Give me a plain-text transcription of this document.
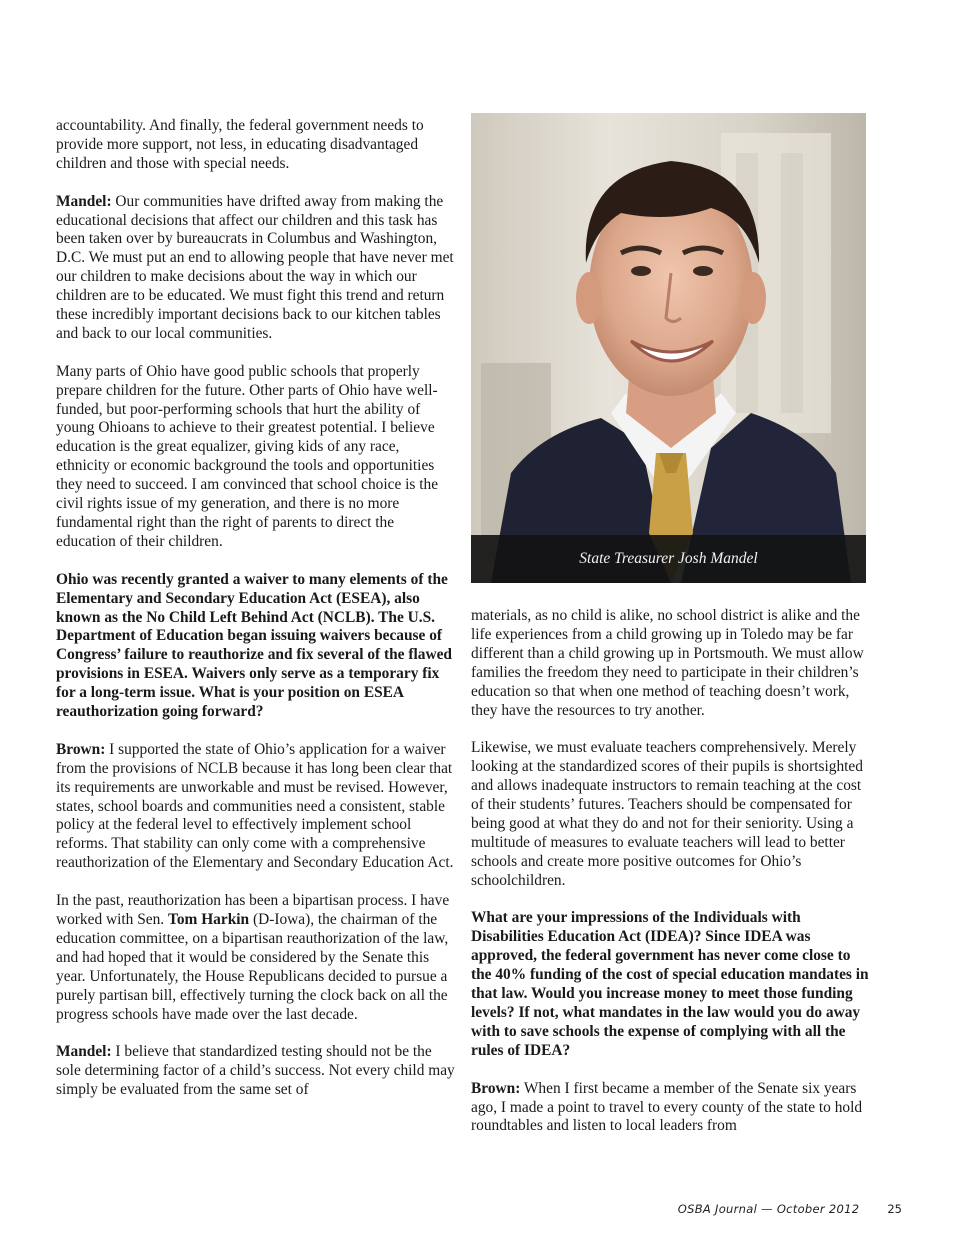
accountability. And finally, the federal government needs to provide more support, not less, in educating disadvantaged children and those with special needs.

Mandel: Our communities have drifted away from making the educational decisions that affect our children and this task has been taken over by bureaucrats in Columbus and Washington, D.C. We must put an end to allowing people that have never met our children to make decisions about the way in which our children are to be educated. We must fight this trend and return these incredibly important decisions back to our kitchen tables and back to our local communities.

Many parts of Ohio have good public schools that properly prepare children for the future. Other parts of Ohio have well-funded, but poor-performing schools that hurt the ability of young Ohioans to achieve to their greatest potential. I believe education is the great equalizer, giving kids of any race, ethnicity or economic background the tools and opportunities they need to succeed. I am convinced that school choice is the civil rights issue of my generation, and there is no more fundamental right than the right of parents to direct the education of their children.

Ohio was recently granted a waiver to many elements of the Elementary and Secondary Education Act (ESEA), also known as the No Child Left Behind Act (NCLB). The U.S. Department of Education began issuing waivers because of Congress’ failure to reauthorize and fix several of the flawed provisions in ESEA. Waivers only serve as a temporary fix for a long-term issue. What is your position on ESEA reauthorization going forward?

Brown: I supported the state of Ohio’s application for a waiver from the provisions of NCLB because it has long been clear that its requirements are unworkable and must be revised. However, states, school boards and communities need a consistent, stable policy at the federal level to effectively implement school reforms. That stability can only come with a comprehensive reauthorization of the Elementary and Secondary Education Act.

In the past, reauthorization has been a bipartisan process. I have worked with Sen. Tom Harkin (D-Iowa), the chairman of the education committee, on a bipartisan reauthorization of the law, and had hoped that it would be considered by the Senate this year. Unfortunately, the House Republicans decided to pursue a purely partisan bill, effectively turning the clock back on all the progress schools have made over the last decade.

Mandel: I believe that standardized testing should not be the sole determining factor of a child’s success. Not every child may simply be evaluated from the same set of

State Treasurer Josh Mandel

materials, as no child is alike, no school district is alike and the life experiences from a child growing up in Toledo may be far different than a child growing up in Portsmouth. We must allow families the freedom they need to participate in their children’s education so that when one method of teaching doesn’t work, they have the resources to try another.

Likewise, we must evaluate teachers comprehensively. Merely looking at the standardized scores of their pupils is shortsighted and allows inadequate instructors to remain teaching at the cost of their students’ futures. Teachers should be compensated for being good at what they do and not for their seniority. Using a multitude of measures to evaluate teachers will lead to better schools and create more positive outcomes for Ohio’s schoolchildren.

What are your impressions of the Individuals with Disabilities Education Act (IDEA)? Since IDEA was approved, the federal government has never come close to the 40% funding of the cost of special education mandates in that law. Would you increase money to meet those funding levels? If not, what mandates in the law would you do away with to save schools the expense of complying with all the rules of IDEA?

Brown: When I first became a member of the Senate six years ago, I made a point to travel to every county of the state to hold roundtables and listen to local leaders from

OSBA Journal — October 2012 25
